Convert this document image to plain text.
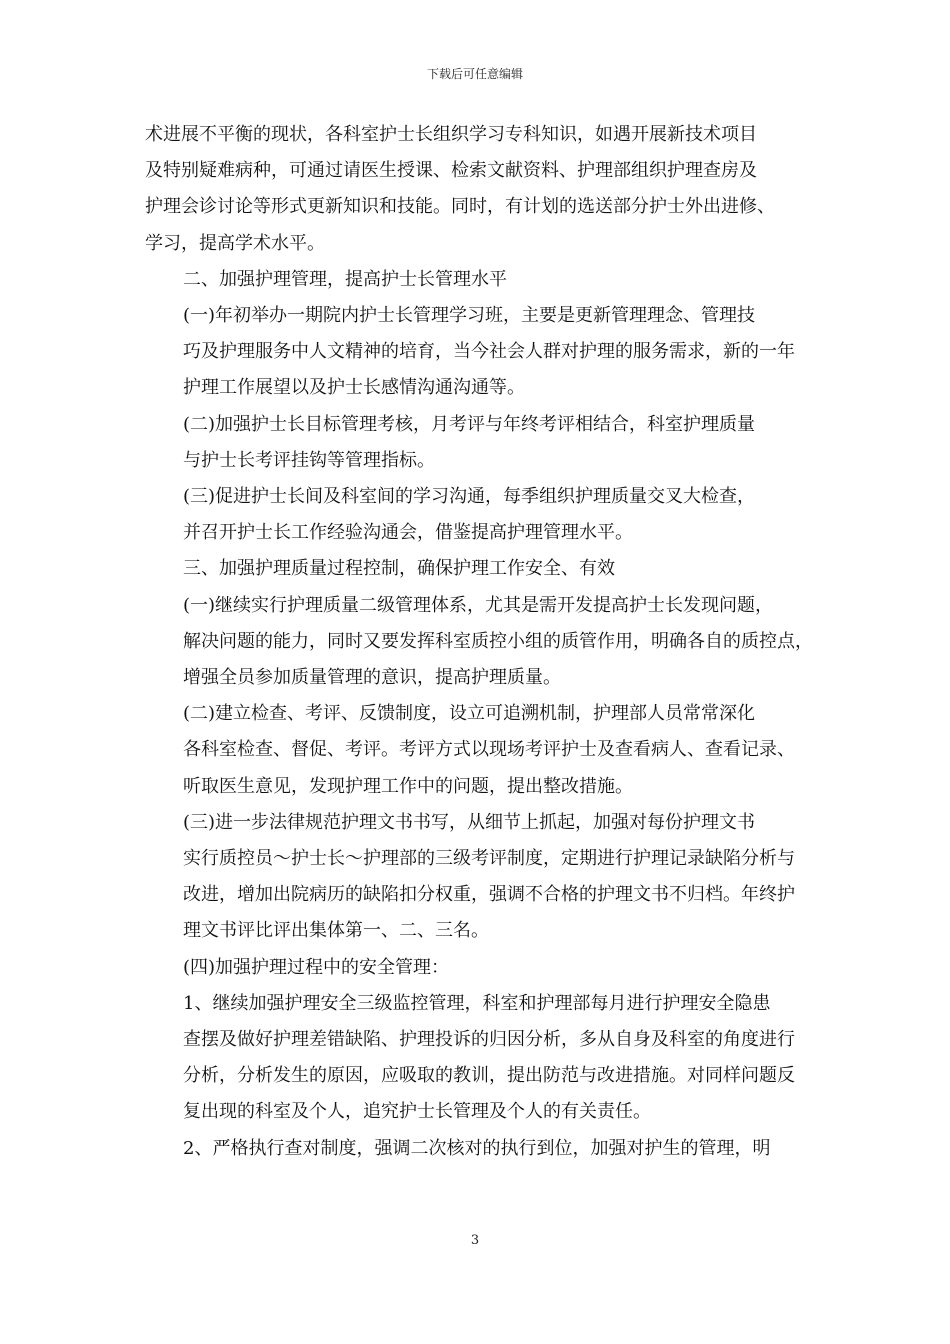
下载后可任意编辑

术进展不平衡的现状，各科室护士长组织学习专科知识，如遇开展新技术项目
及特别疑难病种，可通过请医生授课、检索文献资料、护理部组织护理查房及
护理会诊讨论等形式更新知识和技能。同时，有计划的选送部分护士外出进修、
学习，提高学术水平。

二、加强护理管理，提高护士长管理水平

(一)年初举办一期院内护士长管理学习班，主要是更新管理理念、管理技
巧及护理服务中人文精神的培育，当今社会人群对护理的服务需求，新的一年
护理工作展望以及护士长感情沟通沟通等。

(二)加强护士长目标管理考核，月考评与年终考评相结合，科室护理质量
与护士长考评挂钩等管理指标。

(三)促进护士长间及科室间的学习沟通，每季组织护理质量交叉大检查，
并召开护士长工作经验沟通会，借鉴提高护理管理水平。

三、加强护理质量过程控制，确保护理工作安全、有效

(一)继续实行护理质量二级管理体系，尤其是需开发提高护士长发现问题，
解决问题的能力，同时又要发挥科室质控小组的质管作用，明确各自的质控点，
增强全员参加质量管理的意识，提高护理质量。

(二)建立检查、考评、反馈制度，设立可追溯机制，护理部人员常常深化
各科室检查、督促、考评。考评方式以现场考评护士及查看病人、查看记录、
听取医生意见，发现护理工作中的问题，提出整改措施。

(三)进一步法律规范护理文书书写，从细节上抓起，加强对每份护理文书
实行质控员～护士长～护理部的三级考评制度，定期进行护理记录缺陷分析与
改进，增加出院病历的缺陷扣分权重，强调不合格的护理文书不归档。年终护
理文书评比评出集体第一、二、三名。

(四)加强护理过程中的安全管理：

1、继续加强护理安全三级监控管理，科室和护理部每月进行护理安全隐患
查摆及做好护理差错缺陷、护理投诉的归因分析，多从自身及科室的角度进行
分析，分析发生的原因，应吸取的教训，提出防范与改进措施。对同样问题反
复出现的科室及个人，追究护士长管理及个人的有关责任。

2、严格执行查对制度，强调二次核对的执行到位，加强对护生的管理，明

3
